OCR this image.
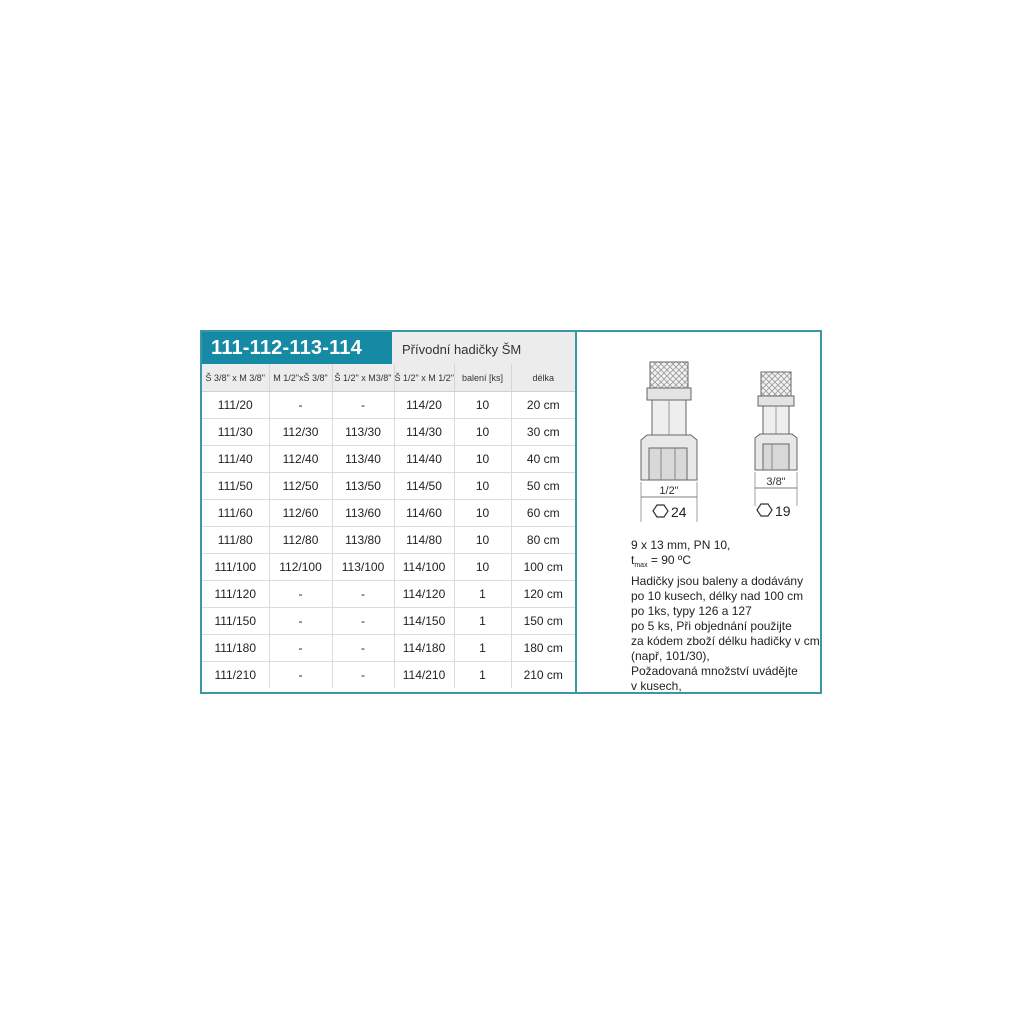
111-112-113-114	Přívodní hadičky ŠM
Š 3/8" x M 3/8"	M 1/2"xŠ 3/8"	Š 1/2" x M3/8"	Š 1/2" x M 1/2"	balení [ks]	délka
111/20	-	-	114/20	10	20 cm
111/30	112/30	113/30	114/30	10	30 cm
111/40	112/40	113/40	114/40	10	40 cm
111/50	112/50	113/50	114/50	10	50 cm
111/60	112/60	113/60	114/60	10	60 cm
111/80	112/80	113/80	114/80	10	80 cm
111/100	112/100	113/100	114/100	10	100 cm
111/120	-	-	114/120	1	120 cm
111/150	-	-	114/150	1	150 cm
111/180	-	-	114/180	1	180 cm
111/210	-	-	114/210	1	210 cm
1/2"
24
3/8"
19
9 x 13 mm, PN 10,
$t_{max} = 90$ ºC
Hadičky jsou baleny a dodávány
po 10 kusech, délky nad 100 cm
po 1ks, typy 126 a 127
po 5 ks, Při objednání použijte
za kódem zboží délku hadičky v cm
(např, 101/30),
Požadovaná množství uvádějte
v kusech,
